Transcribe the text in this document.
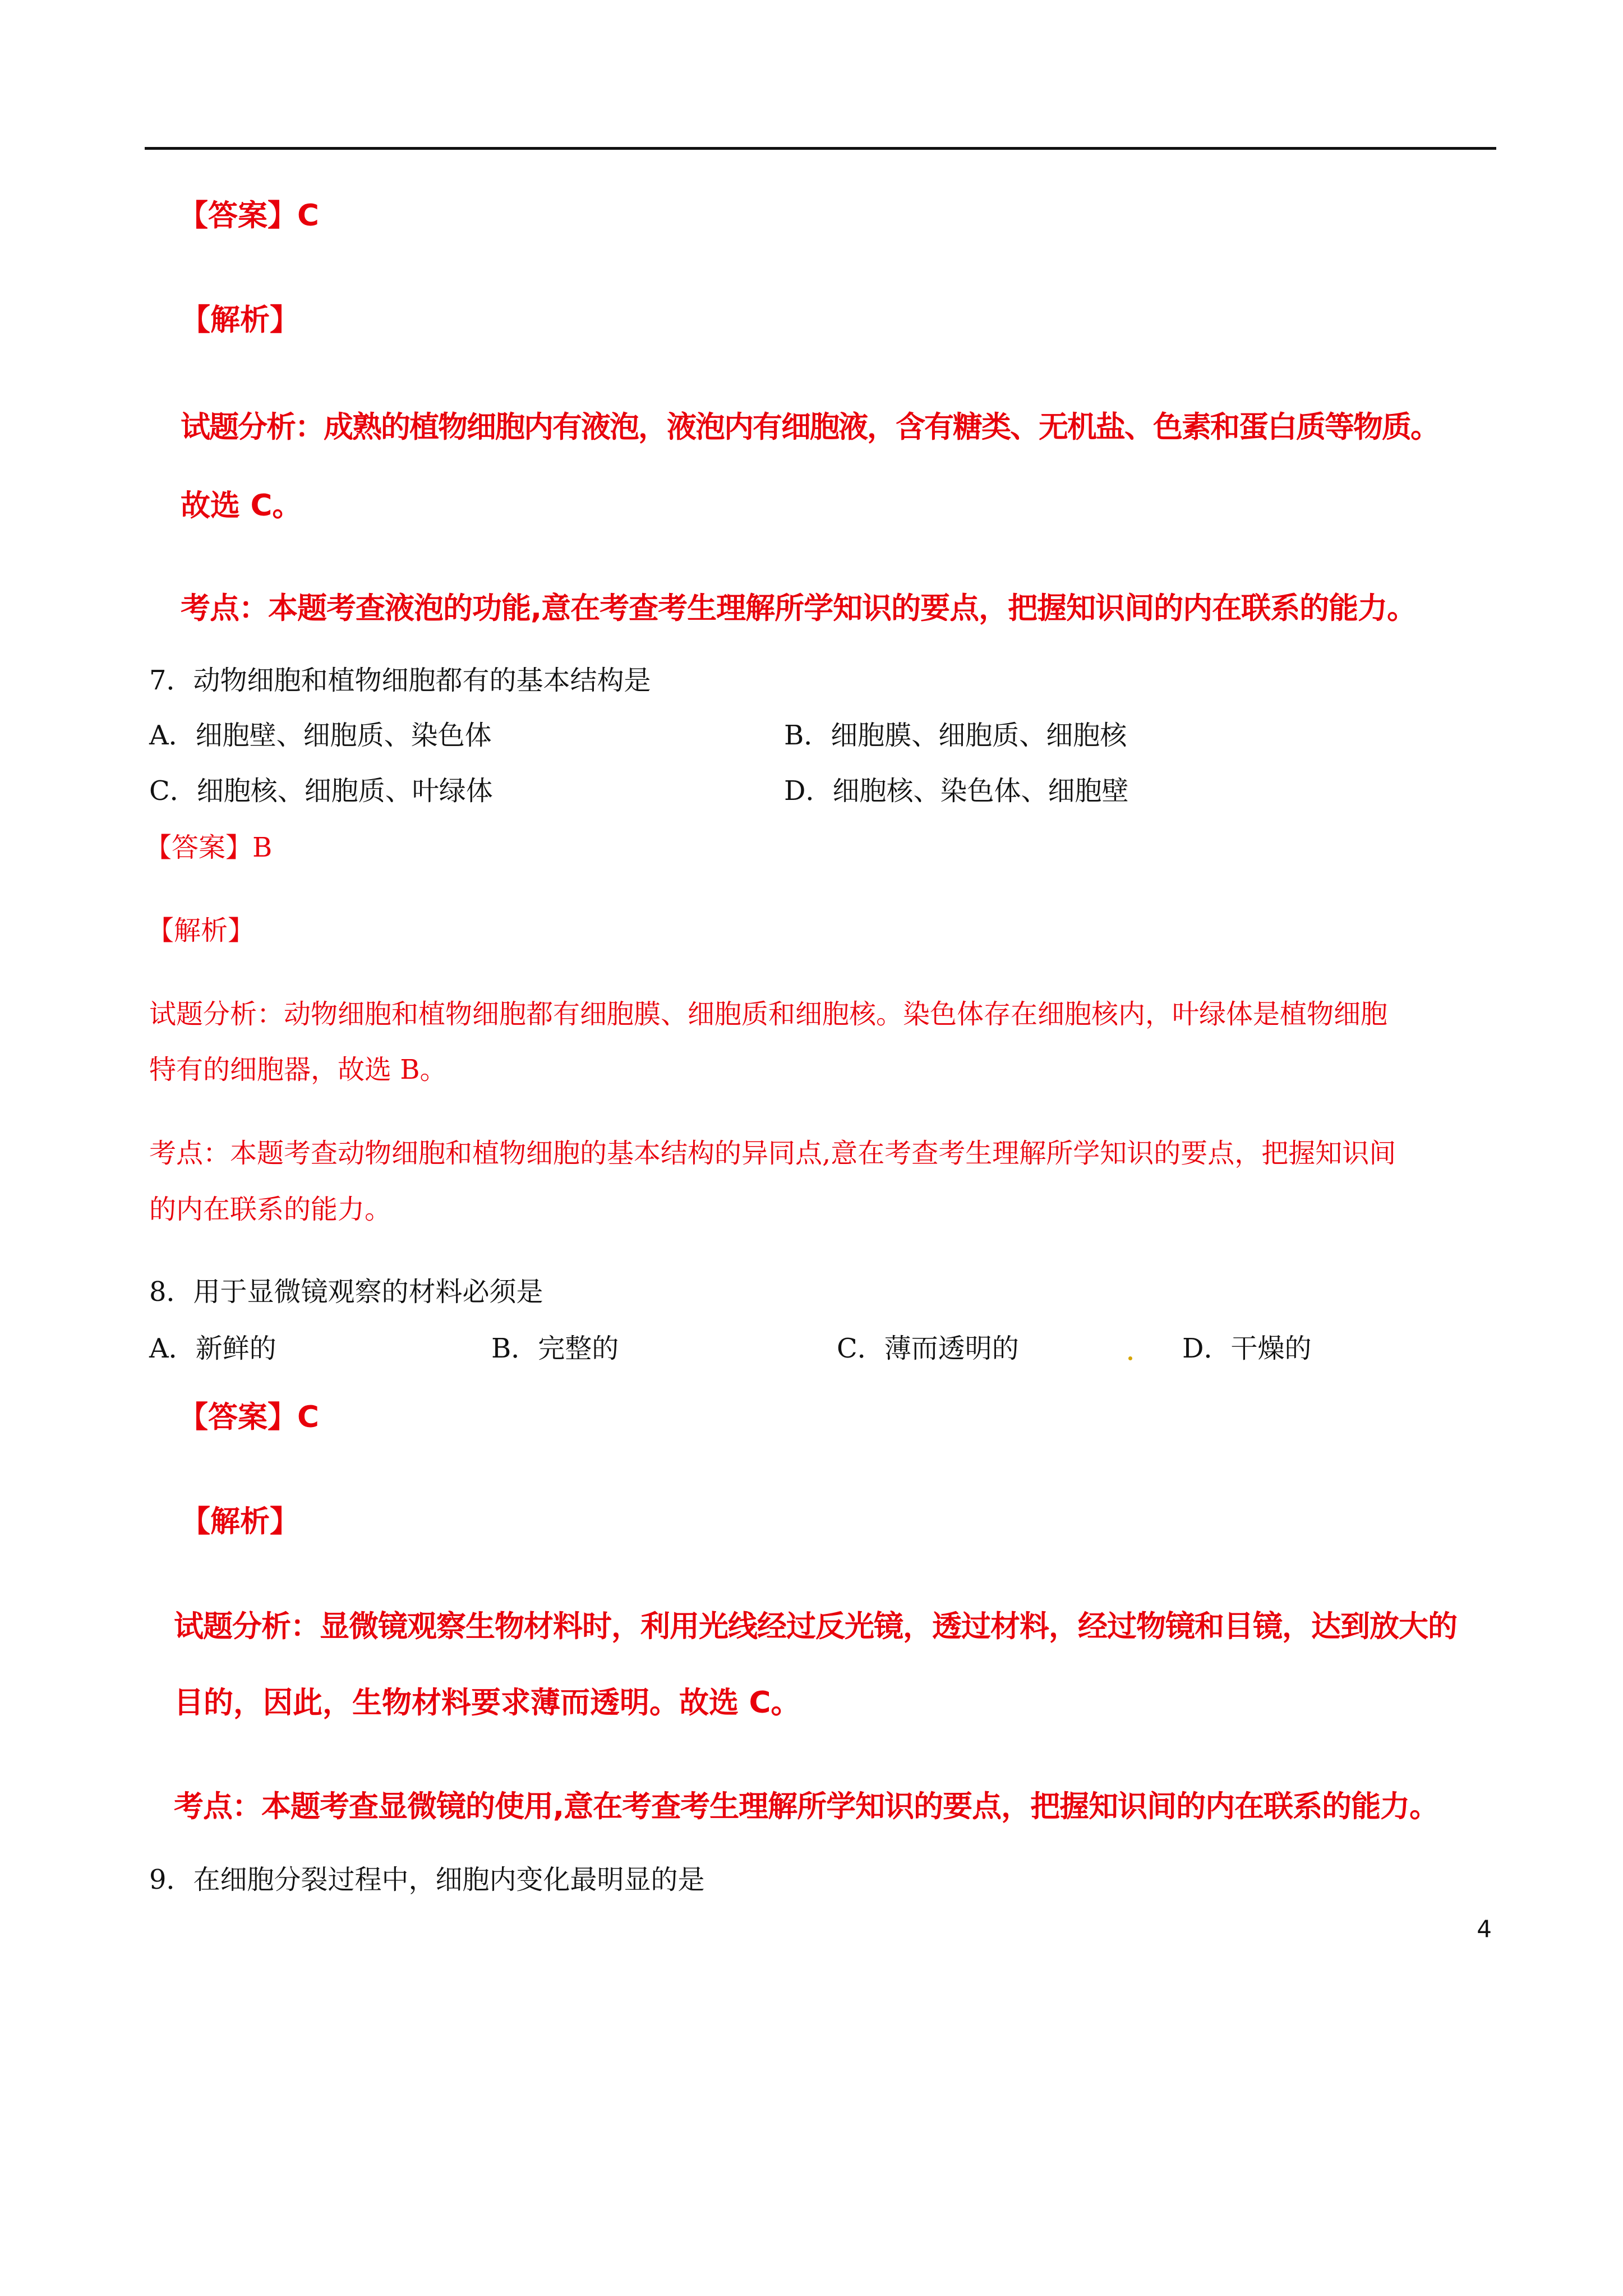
【答案】C
【解析】
试题分析：成熟的植物细胞内有液泡，液泡内有细胞液，含有糖类、无机盐、色素和蛋白质等物质。
故选 C。
考点：本题考查液泡的功能,意在考查考生理解所学知识的要点，把握知识间的内在联系的能力。
7．动物细胞和植物细胞都有的基本结构是
A．细胞壁、细胞质、染色体	B．细胞膜、细胞质、细胞核
C．细胞核、细胞质、叶绿体	D．细胞核、染色体、细胞壁
【答案】B
【解析】
试题分析：动物细胞和植物细胞都有细胞膜、细胞质和细胞核。染色体存在细胞核内，叶绿体是植物细胞
特有的细胞器，故选 B。
考点：本题考查动物细胞和植物细胞的基本结构的异同点,意在考查考生理解所学知识的要点，把握知识间
的内在联系的能力。
8．用于显微镜观察的材料必须是
A．新鲜的	B．完整的	C．薄而透明的	D．干燥的
【答案】C
【解析】
试题分析：显微镜观察生物材料时，利用光线经过反光镜，透过材料，经过物镜和目镜，达到放大的
目的，因此，生物材料要求薄而透明。故选 C。
考点：本题考查显微镜的使用,意在考查考生理解所学知识的要点，把握知识间的内在联系的能力。
9．在细胞分裂过程中，细胞内变化最明显的是
4
